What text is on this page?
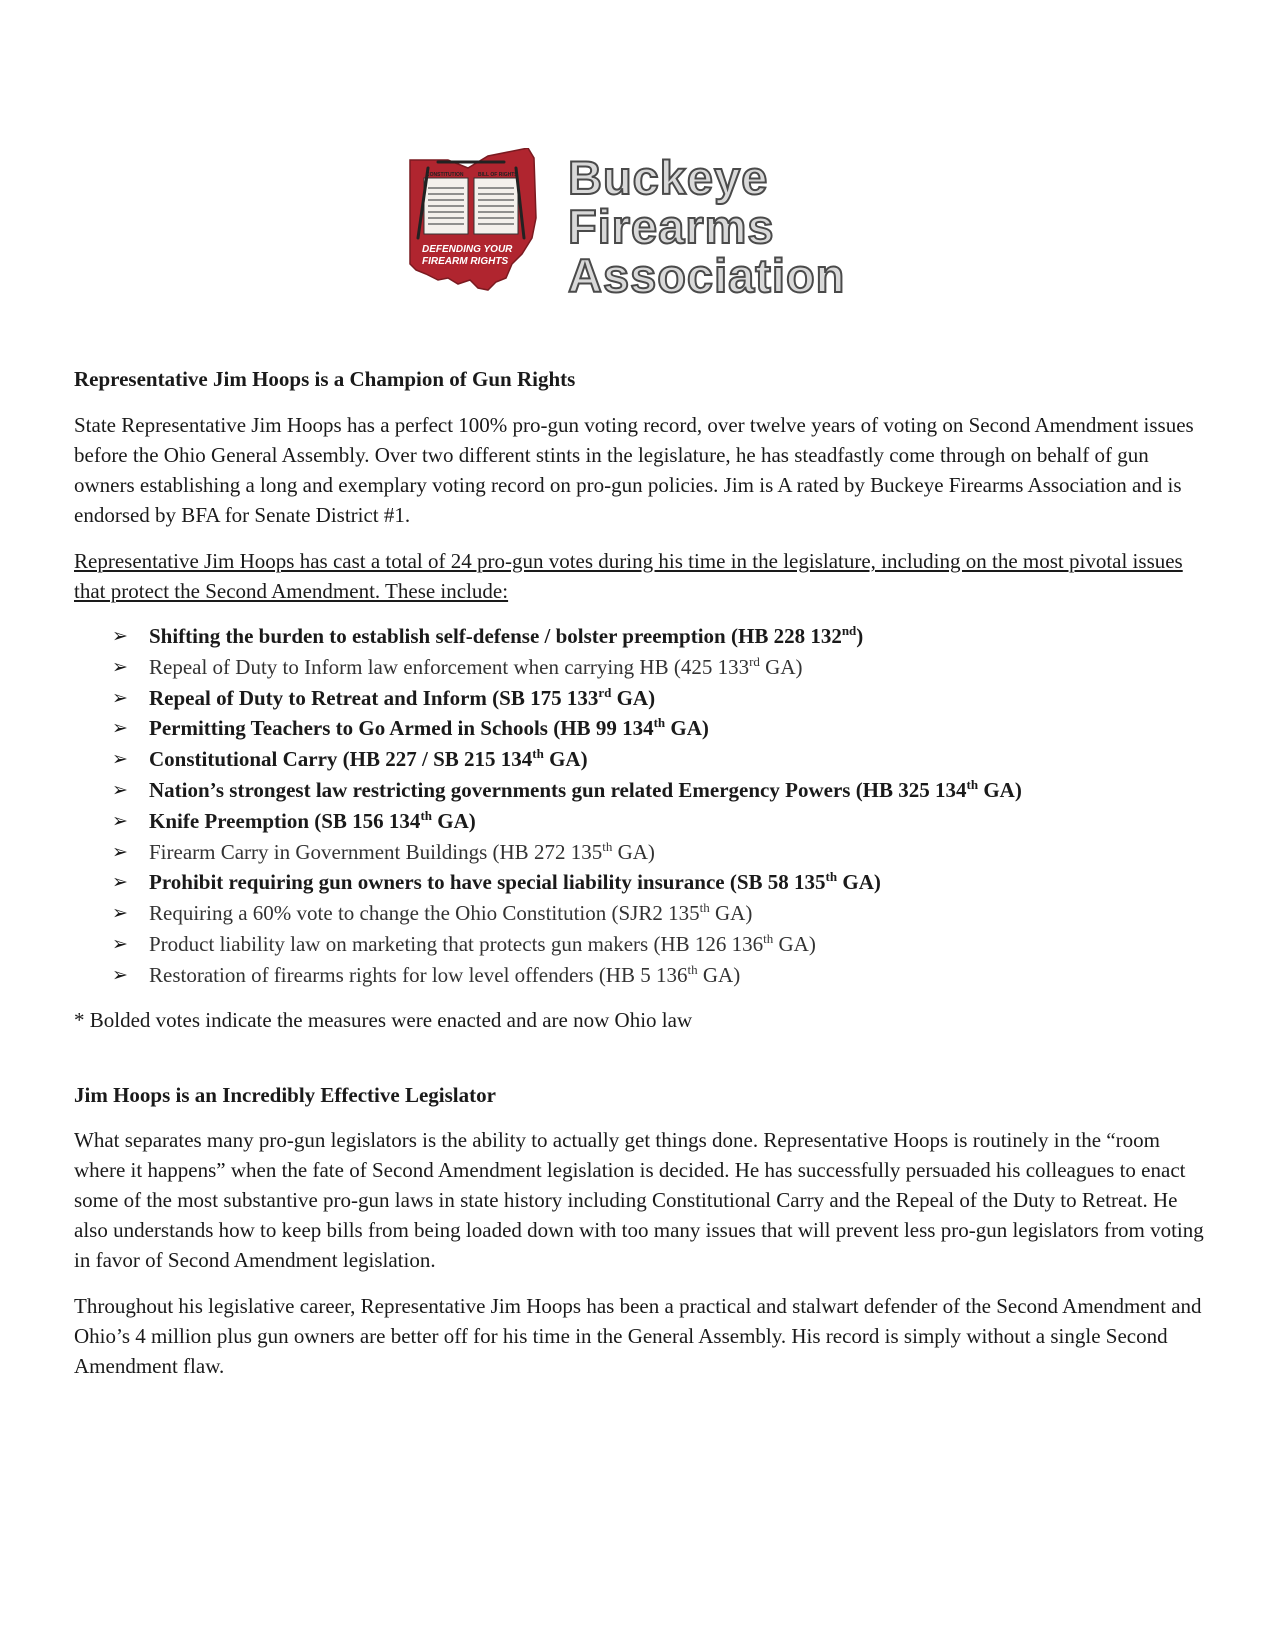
CONSTITUTION	BILL OF RIGHTS
DEFENDING YOUR
FIREARM RIGHTS
Buckeye
Firearms
Association
Representative Jim Hoops is a Champion of Gun Rights

State Representative Jim Hoops has a perfect 100% pro-gun voting record, over twelve years of voting on Second Amendment issues before the Ohio General Assembly. Over two different stints in the legislature, he has steadfastly come through on behalf of gun owners establishing a long and exemplary voting record on pro-gun policies. Jim is A rated by Buckeye Firearms Association and is endorsed by BFA for Senate District #1.

Representative Jim Hoops has cast a total of 24 pro-gun votes during his time in the legislature, including on the most pivotal issues that protect the Second Amendment. These include:

➢ Shifting the burden to establish self-defense / bolster preemption (HB 228 132nd)
➢ Repeal of Duty to Inform law enforcement when carrying HB (425 133rd GA)
➢ Repeal of Duty to Retreat and Inform (SB 175 133rd GA)
➢ Permitting Teachers to Go Armed in Schools (HB 99 134th GA)
➢ Constitutional Carry (HB 227 / SB 215 134th GA)
➢ Nation’s strongest law restricting governments gun related Emergency Powers (HB 325 134th GA)
➢ Knife Preemption (SB 156 134th GA)
➢ Firearm Carry in Government Buildings (HB 272 135th GA)
➢ Prohibit requiring gun owners to have special liability insurance (SB 58 135th GA)
➢ Requiring a 60% vote to change the Ohio Constitution (SJR2 135th GA)
➢ Product liability law on marketing that protects gun makers (HB 126 136th GA)
➢ Restoration of firearms rights for low level offenders (HB 5 136th GA)

* Bolded votes indicate the measures were enacted and are now Ohio law

Jim Hoops is an Incredibly Effective Legislator

What separates many pro-gun legislators is the ability to actually get things done. Representative Hoops is routinely in the “room where it happens” when the fate of Second Amendment legislation is decided. He has successfully persuaded his colleagues to enact some of the most substantive pro-gun laws in state history including Constitutional Carry and the Repeal of the Duty to Retreat. He also understands how to keep bills from being loaded down with too many issues that will prevent less pro-gun legislators from voting in favor of Second Amendment legislation.

Throughout his legislative career, Representative Jim Hoops has been a practical and stalwart defender of the Second Amendment and Ohio’s 4 million plus gun owners are better off for his time in the General Assembly. His record is simply without a single Second Amendment flaw.
